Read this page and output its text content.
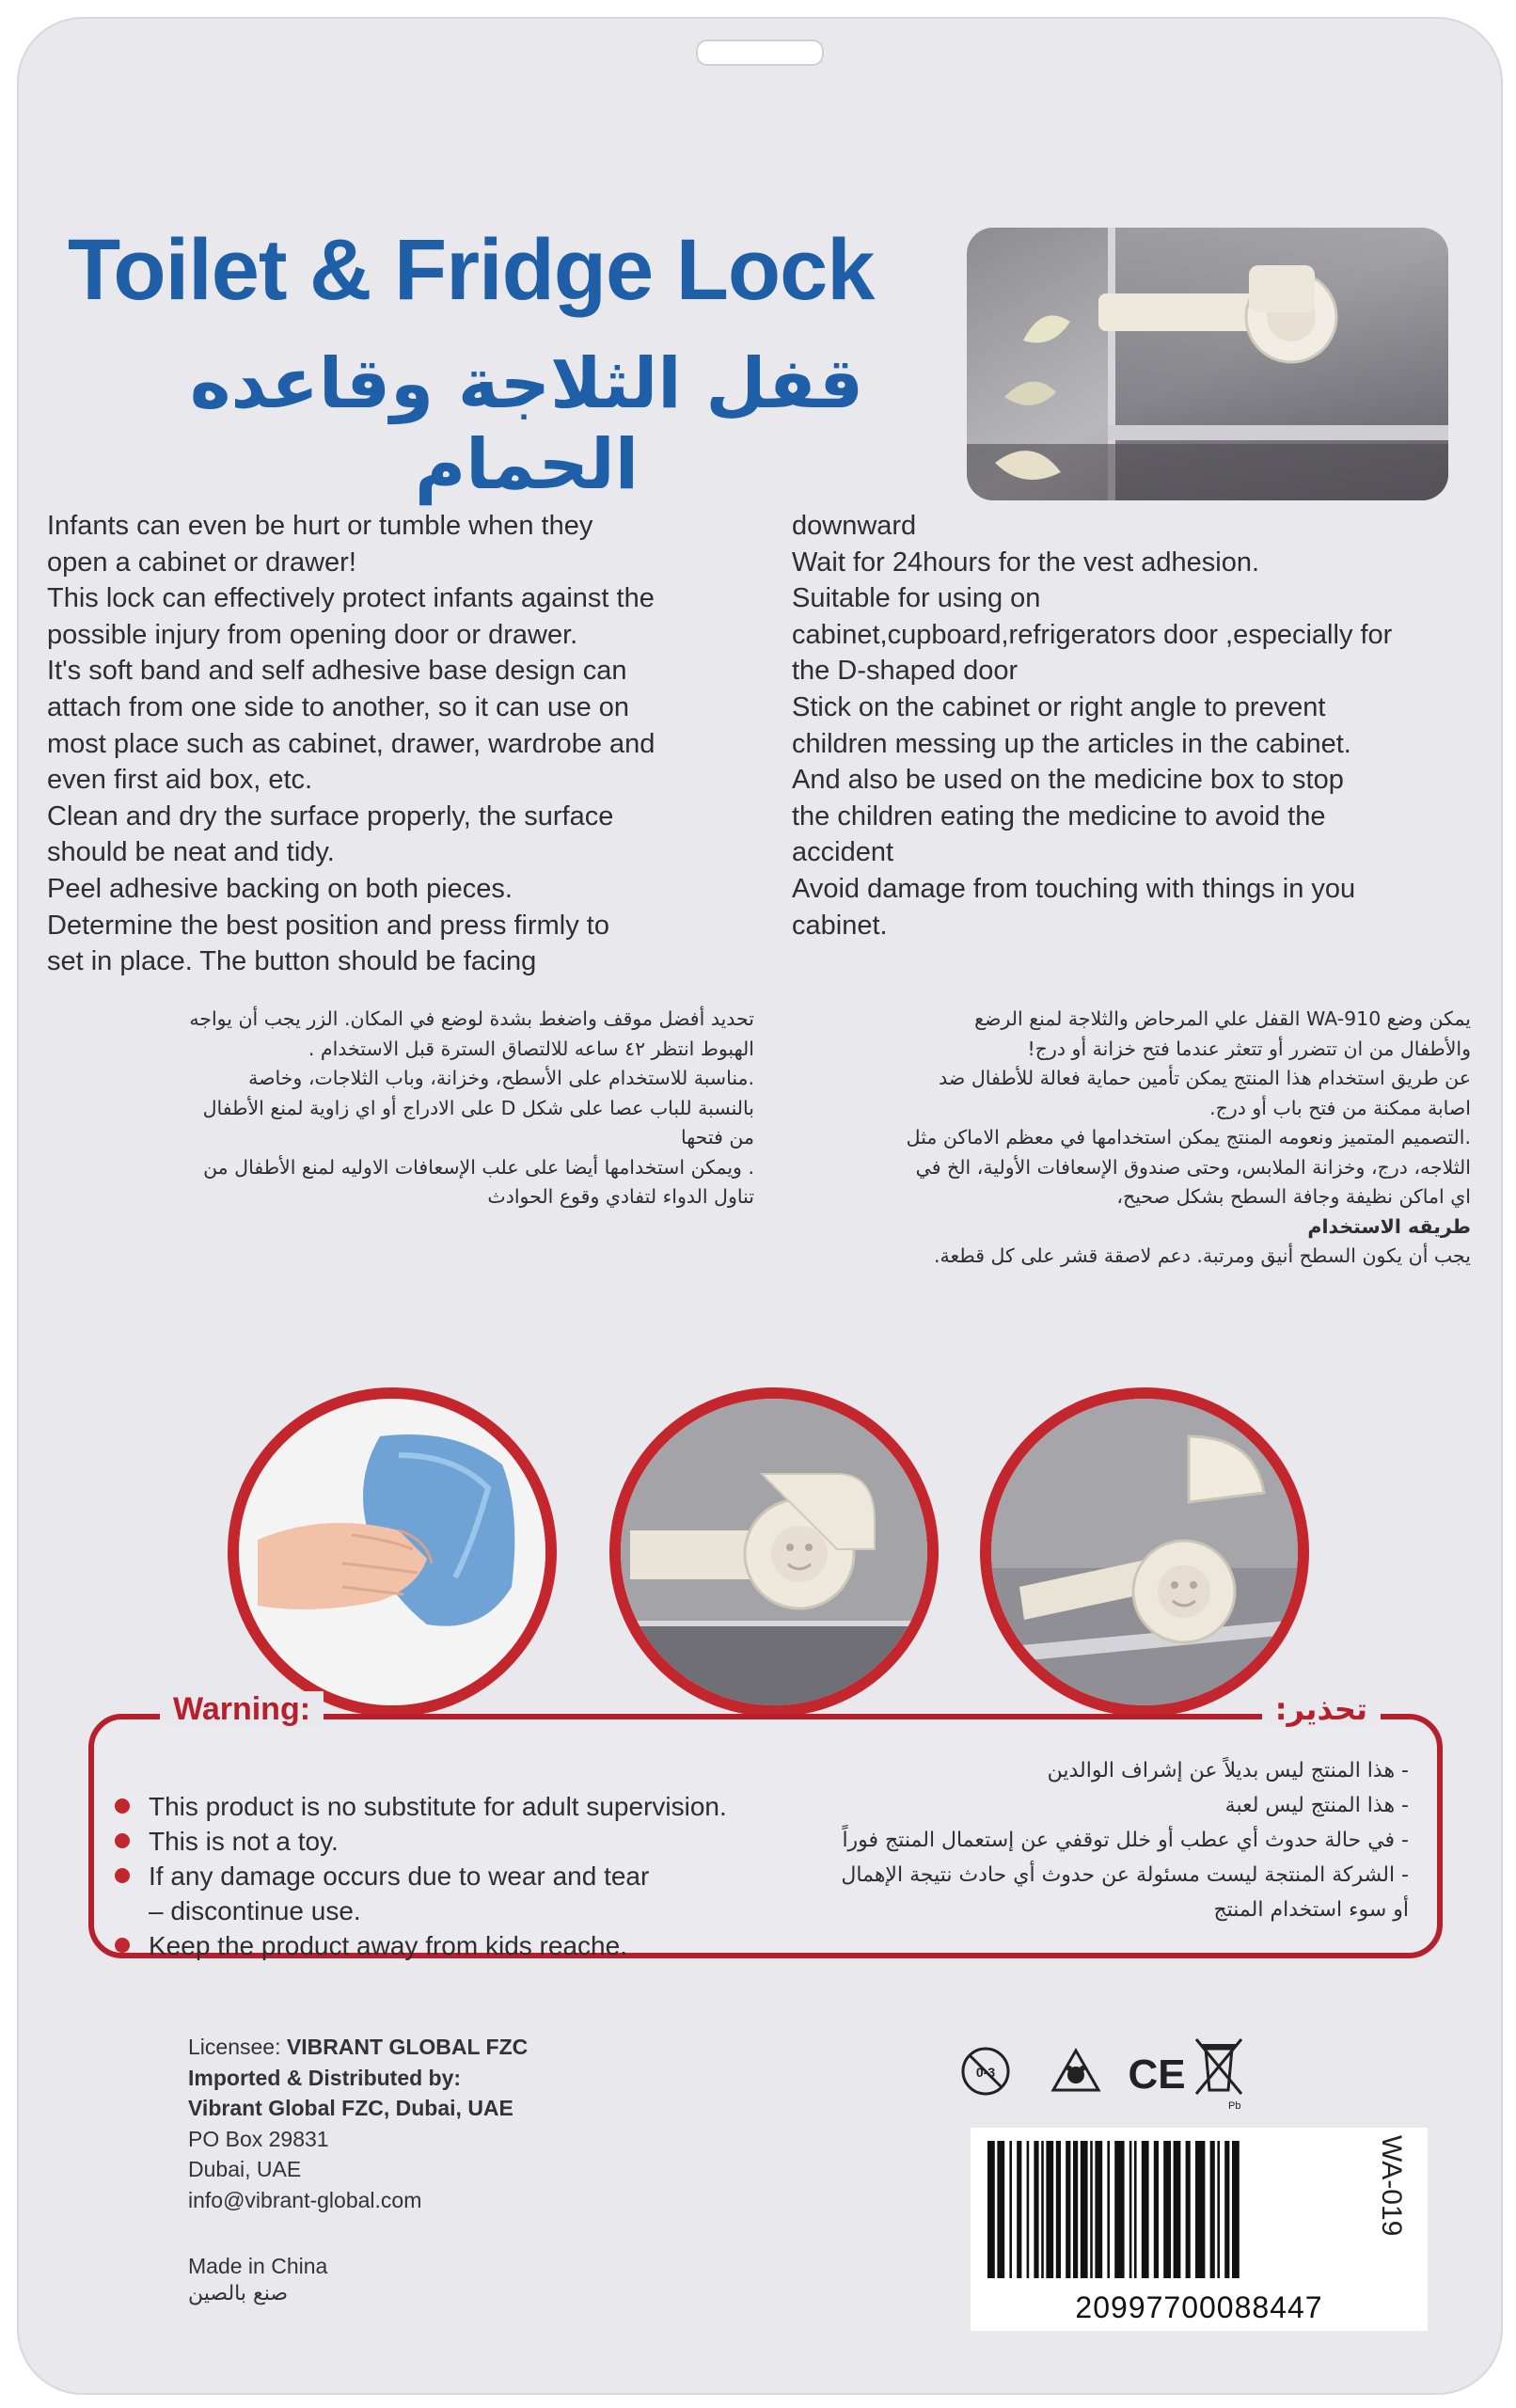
Toilet & Fridge Lock
قفل الثلاجة وقاعده الحمام
Infants can even be hurt or tumble when they
open a cabinet or drawer!
This lock can effectively protect infants against the
possible injury from opening door or drawer.
It's soft band and self adhesive base design can
attach from one side to another, so it can use on
most place such as cabinet, drawer, wardrobe and
even first aid box, etc.
Clean and dry the surface properly, the surface
should be neat and tidy.
Peel adhesive backing on both pieces.
Determine the best position and press firmly to
set in place. The button should be facing
downward
Wait for 24hours for the vest adhesion.
Suitable for using on
cabinet,cupboard,refrigerators door ,especially for
the D-shaped door
Stick on the cabinet or right angle to prevent
children messing up the articles in the cabinet.
And also be used on the medicine box to stop
the children eating the medicine to avoid the
accident
Avoid damage from touching with things in you
cabinet.
تحديد أفضل موقف واضغط بشدة لوضع في المكان. الزر يجب أن يواجه
الهبوط انتظر ٤٢ ساعه للالتصاق السترة قبل الاستخدام .
.مناسبة للاستخدام على الأسطح، وخزانة، وباب الثلاجات، وخاصة
بالنسبة للباب عصا على شكل D على الادراج أو اي زاوية لمنع الأطفال
من فتحها
. ويمكن استخدامها أيضا على علب الإسعافات الاوليه لمنع الأطفال من
تناول الدواء لتفادي وقوع الحوادث
يمكن وضع WA-910 القفل علي المرحاض والثلاجة لمنع الرضع
والأطفال من ان تتضرر أو تتعثر عندما فتح خزانة أو درج!
عن طريق استخدام هذا المنتج يمكن تأمين حماية فعالة للأطفال ضد
اصابة ممكنة من فتح باب أو درج.
.التصميم المتميز ونعومه المنتج يمكن استخدامها في معظم الاماكن مثل
الثلاجه، درج، وخزانة الملابس، وحتى صندوق الإسعافات الأولية، الخ في
اي اماكن نظيفة وجافة السطح بشكل صحيح،
طريقه الاستخدام
يجب أن يكون السطح أنيق ومرتبة. دعم لاصقة قشر على كل قطعة.
Warning:	تحذير:
This product is no substitute for adult supervision.
This is not a toy.
If any damage occurs due to wear and tear
– discontinue use.
Keep the product away from kids reache.
- هذا المنتج ليس بديلاً عن إشراف الوالدين
- هذا المنتج ليس لعبة
- في حالة حدوث أي عطب أو خلل توقفي عن إستعمال المنتج فوراً
- الشركة المنتجة ليست مسئولة عن حدوث أي حادث نتيجة الإهمال
أو سوء استخدام المنتج
Licensee: VIBRANT GLOBAL FZC
Imported & Distributed by:
Vibrant Global FZC, Dubai, UAE
PO Box 29831
Dubai, UAE
info@vibrant-global.com
Made in China
صنع بالصين
0-3	CE
Pb
20997700088447
WA-019
